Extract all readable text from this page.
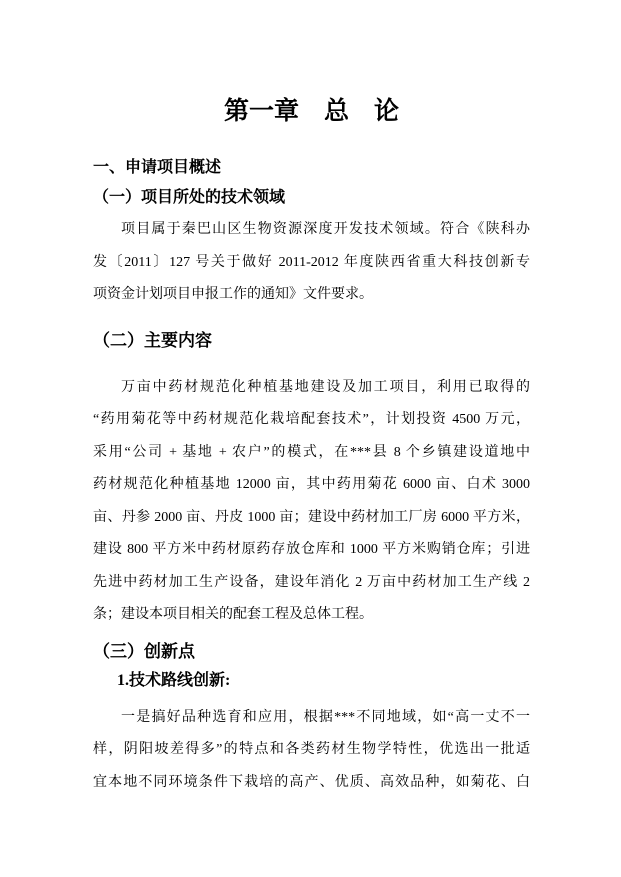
第一章　总　论
一、申请项目概述
（一）项目所处的技术领域
项目属于秦巴山区生物资源深度开发技术领域。符合《陕科办
发〔2011〕127 号关于做好 2011-2012 年度陕西省重大科技创新专
项资金计划项目申报工作的通知》文件要求。
（二）主要内容
万亩中药材规范化种植基地建设及加工项目，利用已取得的
“药用菊花等中药材规范化栽培配套技术”，计划投资 4500 万元，
采用“公司 + 基地 + 农户”的模式，在***县 8 个乡镇建设道地中
药材规范化种植基地 12000 亩，其中药用菊花 6000 亩、白术 3000
亩、丹参 2000 亩、丹皮 1000 亩；建设中药材加工厂房 6000 平方米，
建设 800 平方米中药材原药存放仓库和 1000 平方米购销仓库；引进
先进中药材加工生产设备，建设年消化 2 万亩中药材加工生产线 2
条；建设本项目相关的配套工程及总体工程。
（三）创新点
1.技术路线创新:
一是搞好品种选育和应用，根据***不同地域，如“高一丈不一
样，阴阳坡差得多”的特点和各类药材生物学特性，优选出一批适
宜本地不同环境条件下栽培的高产、优质、高效品种，如菊花、白
